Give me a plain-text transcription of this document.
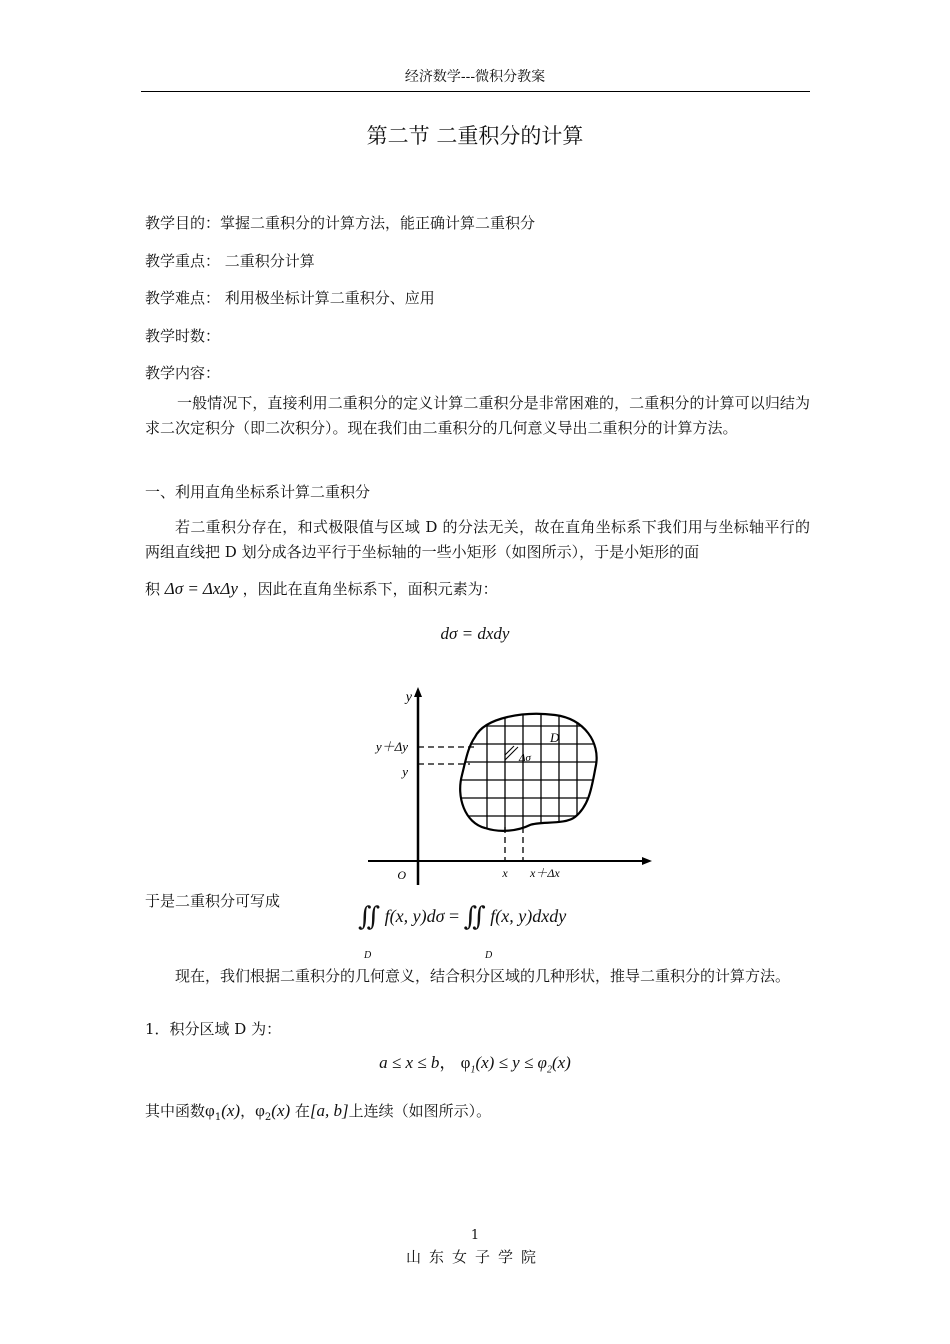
经济数学---微积分教案
第二节 二重积分的计算
教学目的：掌握二重积分的计算方法，能正确计算二重积分
教学重点： 二重积分计算
教学难点： 利用极坐标计算二重积分、应用
教学时数：
教学内容：
一般情况下，直接利用二重积分的定义计算二重积分是非常困难的，二重积分的计算可以归结为求二次定积分（即二次积分）。现在我们由二重积分的几何意义导出二重积分的计算方法。
一、利用直角坐标系计算二重积分
若二重积分存在，和式极限值与区域 D 的分法无关，故在直角坐标系下我们用与坐标轴平行的两组直线把 D 划分成各边平行于坐标轴的一些小矩形（如图所示），于是小矩形的面
积 Δσ = ΔxΔy ，因此在直角坐标系下，面积元素为：
dσ = dxdy
y
y＋Δy
y
D
Δσ
O	x x＋Δx
于是二重积分可写成
∬ f(x, y)dσ = ∬ f(x, y)dxdy
D	D
现在，我们根据二重积分的几何意义，结合积分区域的几种形状，推导二重积分的计算方法。
1．积分区域 D 为：
a ≤ x ≤ b， $\varphi_1(x) \le y \le \varphi_2(x)$
其中函数$\varphi_1(x)$，$\varphi_2(x)$ 在[a, b]上连续（如图所示）。
1
山东女子学院
